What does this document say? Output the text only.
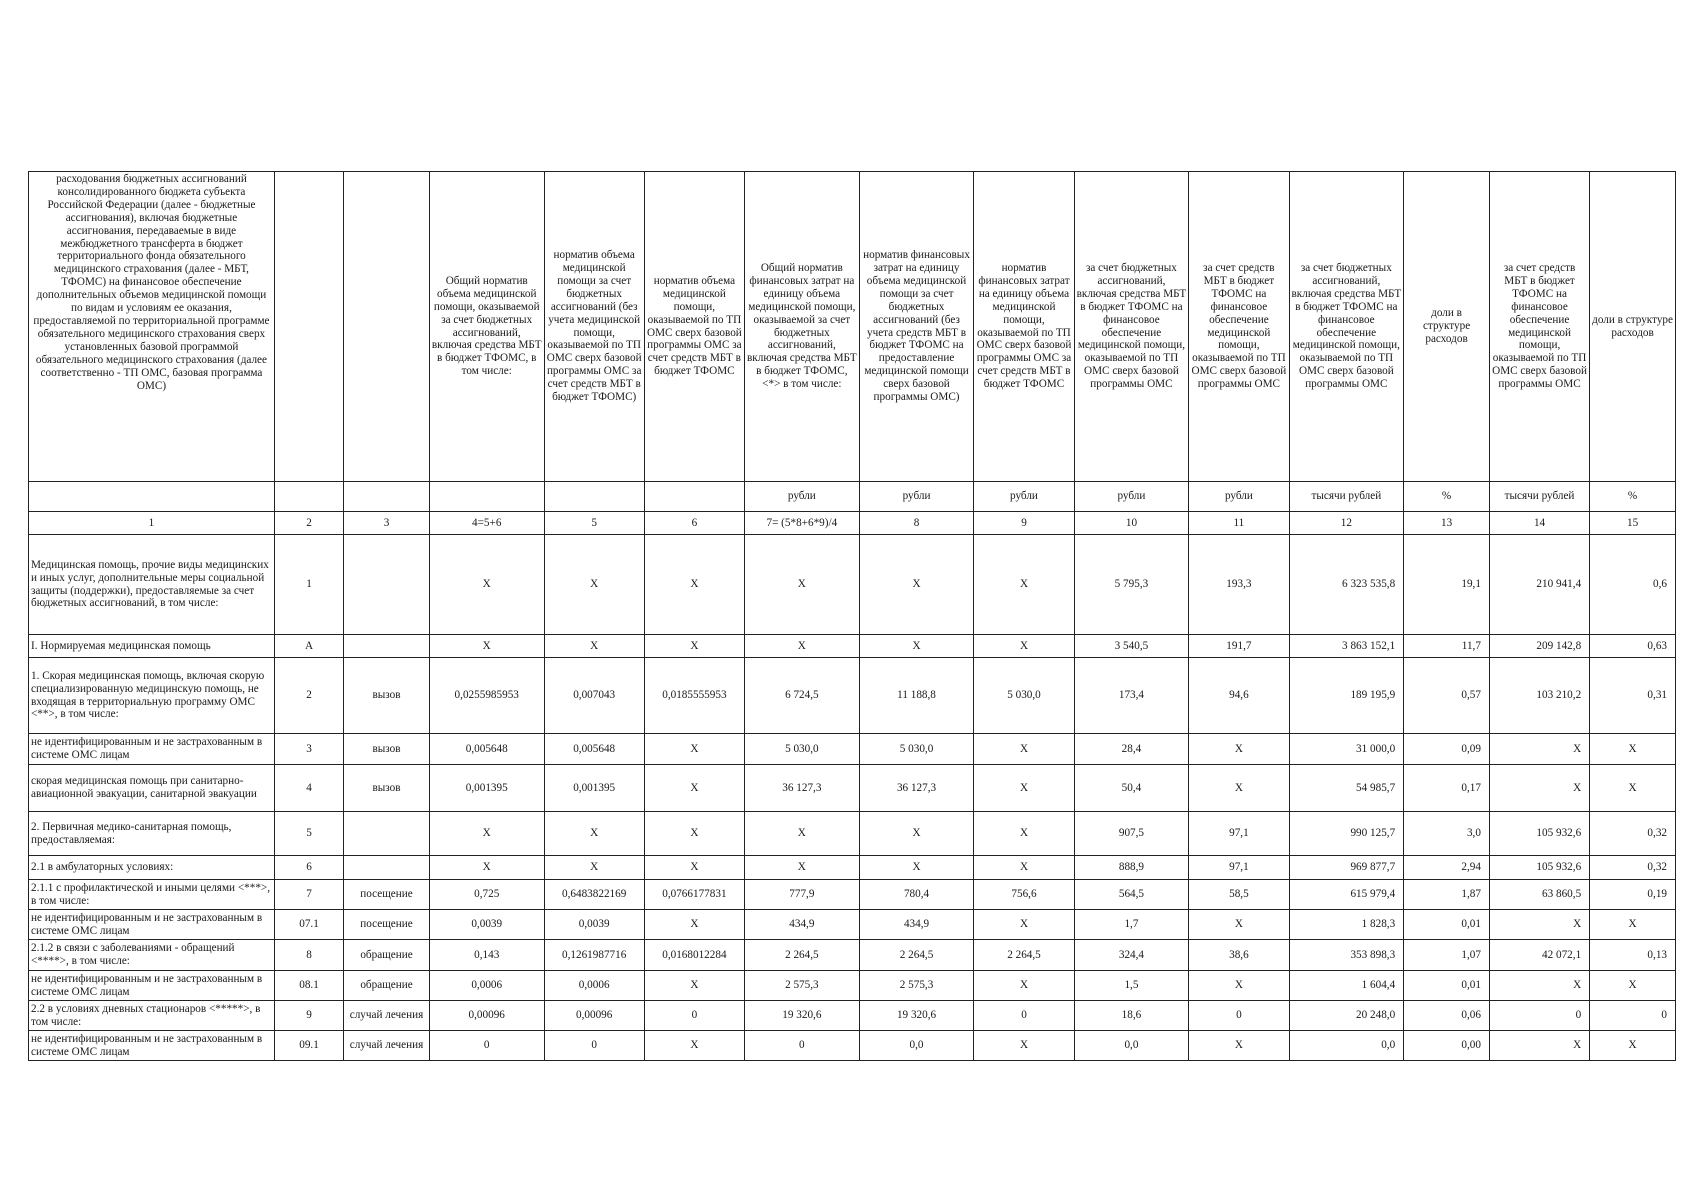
расходования бюджетных ассигнований консолидированного бюджета субъекта Российской Федерации (далее - бюджетные ассигнования), включая бюджетные ассигнования, передаваемые в виде межбюджетного трансферта в бюджет территориального фонда обязательного медицинского страхования (далее - МБТ, ТФОМС) на финансовое обеспечение дополнительных объемов медицинской помощи по видам и условиям ее оказания, предоставляемой по территориальной программе обязательного медицинского страхования сверх установленных базовой программой обязательного медицинского страхования (далее соответственно - ТП ОМС, базовая программа ОМС)			Общий норматив объема медицинской помощи, оказываемой за счет бюджетных ассигнований, включая средства МБТ в бюджет ТФОМС, в том числе:	норматив объема медицинской помощи за счет бюджетных ассигнований (без учета медицинской помощи, оказываемой по ТП ОМС сверх базовой программы ОМС за счет средств МБТ в бюджет ТФОМС)	норматив объема медицинской помощи, оказываемой по ТП ОМС сверх базовой программы ОМС за счет средств МБТ в бюджет ТФОМС	Общий норматив финансовых затрат на единицу объема медицинской помощи, оказываемой за счет бюджетных ассигнований, включая средства МБТ в бюджет ТФОМС, <*> в том числе:	норматив финансовых затрат на единицу объема медицинской помощи за счет бюджетных ассигнований (без учета средств МБТ в бюджет ТФОМС на предоставление медицинской помощи сверх базовой программы ОМС)	норматив финансовых затрат на единицу объема медицинской помощи, оказываемой по ТП ОМС сверх базовой программы ОМС за счет средств МБТ в бюджет ТФОМС	за счет бюджетных ассигнований, включая средства МБТ в бюджет ТФОМС на финансовое обеспечение медицинской помощи, оказываемой по ТП ОМС сверх базовой программы ОМС	за счет средств МБТ в бюджет ТФОМС на финансовое обеспечение медицинской помощи, оказываемой по ТП ОМС сверх базовой программы ОМС	за счет бюджетных ассигнований, включая средства МБТ в бюджет ТФОМС на финансовое обеспечение медицинской помощи, оказываемой по ТП ОМС сверх базовой программы ОМС	доли в структуре расходов	за счет средств МБТ в бюджет ТФОМС на финансовое обеспечение медицинской помощи, оказываемой по ТП ОМС сверх базовой программы ОМС	доли в структуре расходов
						рубли	рубли	рубли	рубли	рубли	тысячи рублей	%	тысячи рублей	%
1	2	3	4=5+6	5	6	7= (5*8+6*9)/4	8	9	10	11	12	13	14	15
Медицинская помощь, прочие виды медицинских и иных услуг, дополнительные меры социальной защиты (поддержки), предоставляемые за счет бюджетных ассигнований, в том числе:	1		Х	Х	Х	Х	Х	Х	5 795,3	193,3	6 323 535,8	19,1	210 941,4	0,6
I. Нормируемая медицинская помощь	А		Х	Х	Х	Х	Х	Х	3 540,5	191,7	3 863 152,1	11,7	209 142,8	0,63
1. Скорая медицинская помощь, включая скорую специализированную медицинскую помощь, не входящая в территориальную программу ОМС <**>, в том числе:	2	вызов	0,0255985953	0,007043	0,0185555953	6 724,5	11 188,8	5 030,0	173,4	94,6	189 195,9	0,57	103 210,2	0,31
не идентифицированным и не застрахованным в системе ОМС лицам	3	вызов	0,005648	0,005648	Х	5 030,0	5 030,0	Х	28,4	Х	31 000,0	0,09	Х	Х
скорая медицинская помощь при санитарно-авиационной эвакуации, санитарной эвакуации	4	вызов	0,001395	0,001395	Х	36 127,3	36 127,3	Х	50,4	Х	54 985,7	0,17	Х	Х
2. Первичная медико-санитарная помощь, предоставляемая:	5		Х	Х	Х	Х	Х	Х	907,5	97,1	990 125,7	3,0	105 932,6	0,32
2.1 в амбулаторных условиях:	6		Х	Х	Х	Х	Х	Х	888,9	97,1	969 877,7	2,94	105 932,6	0,32
2.1.1 с профилактической и иными целями <***>, в том числе:	7	посещение	0,725	0,6483822169	0,0766177831	777,9	780,4	756,6	564,5	58,5	615 979,4	1,87	63 860,5	0,19
не идентифицированным и не застрахованным в системе ОМС лицам	07.1	посещение	0,0039	0,0039	Х	434,9	434,9	Х	1,7	Х	1 828,3	0,01	Х	Х
2.1.2 в связи с заболеваниями - обращений <****>, в том числе:	8	обращение	0,143	0,1261987716	0,0168012284	2 264,5	2 264,5	2 264,5	324,4	38,6	353 898,3	1,07	42 072,1	0,13
не идентифицированным и не застрахованным в системе ОМС лицам	08.1	обращение	0,0006	0,0006	Х	2 575,3	2 575,3	Х	1,5	Х	1 604,4	0,01	Х	Х
2.2 в условиях дневных стационаров <*****>, в том числе:	9	случай лечения	0,00096	0,00096	0	19 320,6	19 320,6	0	18,6	0	20 248,0	0,06	0	0
не идентифицированным и не застрахованным в системе ОМС лицам	09.1	случай лечения	0	0	Х	0	0,0	Х	0,0	Х	0,0	0,00	Х	Х
